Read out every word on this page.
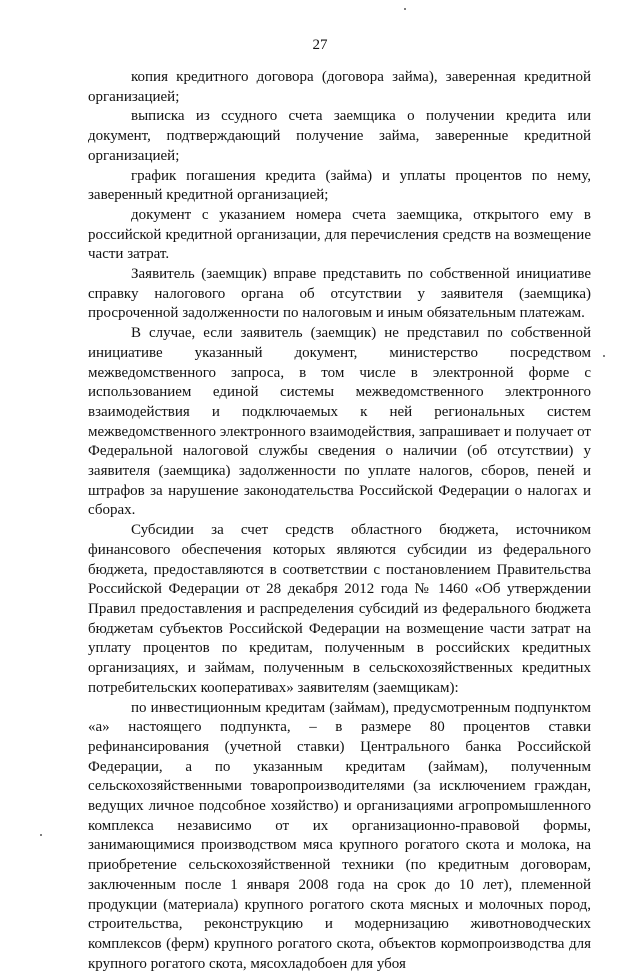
27

копия кредитного договора (договора займа), заверенная кредитной организацией;

выписка из ссудного счета заемщика о получении кредита или документ, подтверждающий получение займа, заверенные кредитной организацией;

график погашения кредита (займа) и уплаты процентов по нему, заверенный кредитной организацией;

документ с указанием номера счета заемщика, открытого ему в российской кредитной организации, для перечисления средств на возмещение части затрат.

Заявитель (заемщик) вправе представить по собственной инициативе справку налогового органа об отсутствии у заявителя (заемщика) просроченной задолженности по налоговым и иным обязательным платежам.

В случае, если заявитель (заемщик) не представил по собственной инициативе указанный документ, министерство посредством межведомственного запроса, в том числе в электронной форме с использованием единой системы межведомственного электронного взаимодействия и подключаемых к ней региональных систем межведомственного электронного взаимодействия, запрашивает и получает от Федеральной налоговой службы сведения о наличии (об отсутствии) у заявителя (заемщика) задолженности по уплате налогов, сборов, пеней и штрафов за нарушение законодательства Российской Федерации о налогах и сборах.

Субсидии за счет средств областного бюджета, источником финансового обеспечения которых являются субсидии из федерального бюджета, предоставляются в соответствии с постановлением Правительства Российской Федерации от 28 декабря 2012 года № 1460 «Об утверждении Правил предоставления и распределения субсидий из федерального бюджета бюджетам субъектов Российской Федерации на возмещение части затрат на уплату процентов по кредитам, полученным в российских кредитных организациях, и займам, полученным в сельскохозяйственных кредитных потребительских кооперативах» заявителям (заемщикам):

по инвестиционным кредитам (займам), предусмотренным подпунктом «а» настоящего подпункта, – в размере 80 процентов ставки рефинансирования (учетной ставки) Центрального банка Российской Федерации, а по указанным кредитам (займам), полученным сельскохозяйственными товаропроизводителями (за исключением граждан, ведущих личное подсобное хозяйство) и организациями агропромышленного комплекса независимо от их организационно-правовой формы, занимающимися производством мяса крупного рогатого скота и молока, на приобретение сельскохозяйственной техники (по кредитным договорам, заключенным после 1 января 2008 года на срок до 10 лет), племенной продукции (материала) крупного рогатого скота мясных и молочных пород, строительства, реконструкцию и модернизацию животноводческих комплексов (ферм) крупного рогатого скота, объектов кормопроизводства для крупного рогатого скота, мясохладобоен для убоя
